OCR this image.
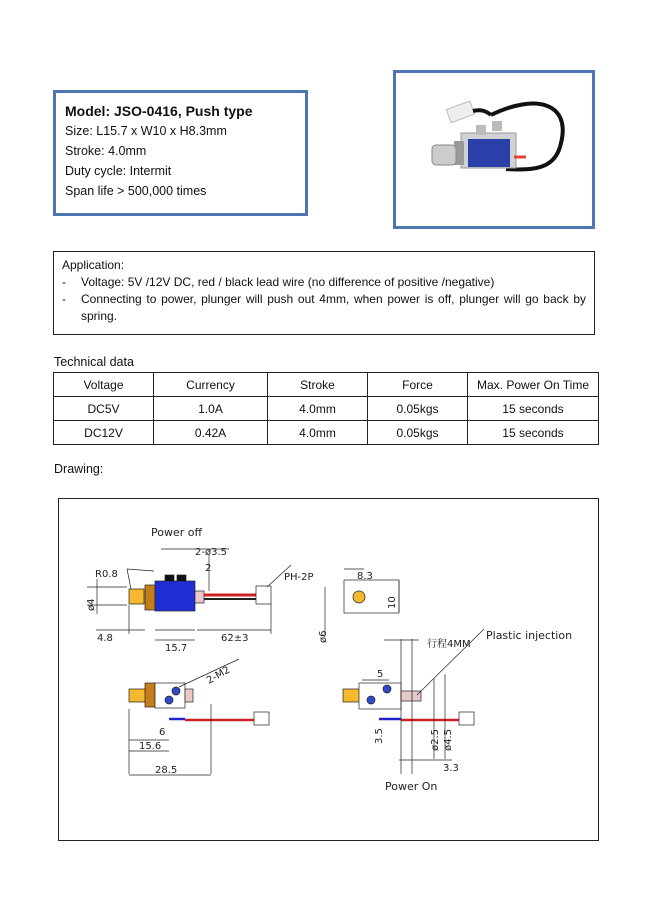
Model: JSO-0416, Push type
Size: L15.7 x W10 x H8.3mm
Stroke: 4.0mm
Duty cycle: Intermit
Span life > 500,000 times
Application:
-	Voltage: 5V /12V DC, red / black lead wire (no difference of positive /negative)
-	Connecting to power, plunger will push out 4mm, when power is off, plunger will go back by spring.
Technical data
Voltage	Currency	Stroke	Force	Max. Power On Time
DC5V	1.0A	4.0mm	0.05kgs	15 seconds
DC12V	0.42A	4.0mm	0.05kgs	15 seconds
Drawing:
Power off
2-ø3.5
2
R0.8	PH-2P
ø4
4.8
15.7
62±3
8.3
10
ø6
行程4MM
Plastic injection
2-M2	5
6
15.6
3.5	ø2.5 ø4.5
28.5	3.3
Power On
